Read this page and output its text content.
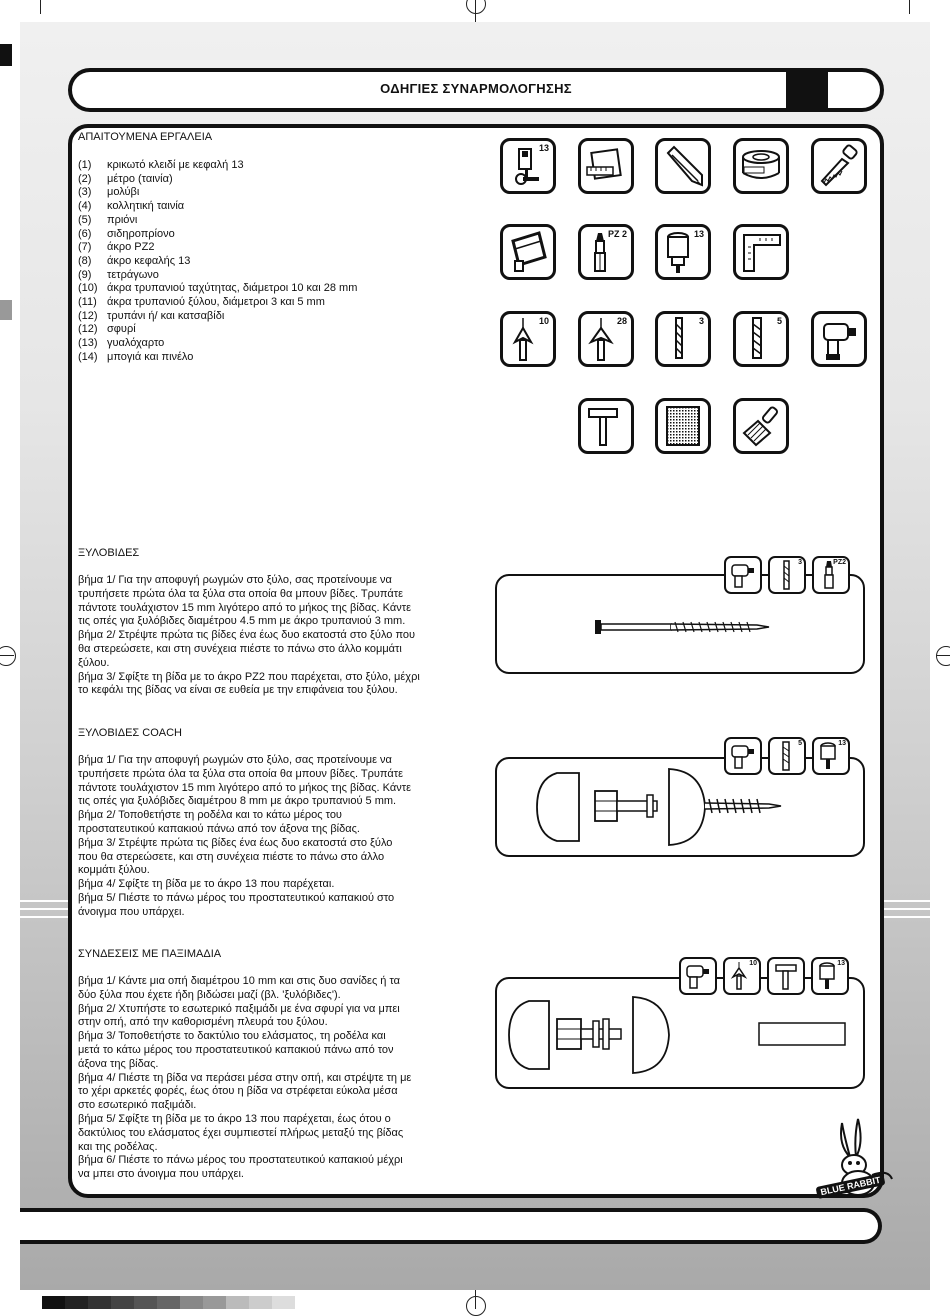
ΟΔΗΓΙΕΣ ΣΥΝΑΡΜΟΛΟΓΗΣΗΣ
ΑΠΑΙΤΟΥΜΕΝΑ ΕΡΓΑΛΕΙΑ
(1)	κρικωτό κλειδί με κεφαλή 13
(2)	μέτρο (ταινία)
(3)	μολύβι
(4)	κολλητική ταινία
(5)	πριόνι
(6)	σιδηροπρίονο
(7)	άκρο PZ2
(8)	άκρο κεφαλής 13
(9)	τετράγωνο
(10) άκρα τρυπανιού ταχύτητας, διάμετροι 10 και 28 mm
(11) άκρα τρυπανιού ξύλου, διάμετροι 3 και 5 mm
(12) τρυπάνι ή/ και κατσαβίδι
(12) σφυρί
(13) γυαλόχαρτο
(14) μπογιά και πινέλο
13
PZ 2	13
10	28	3	5
ΞΥΛΟΒΙΔΕΣ
βήμα 1/ Για την αποφυγή ρωγμών στο ξύλο, σας προτείνουμε να
τρυπήσετε πρώτα όλα τα ξύλα στα οποία θα μπουν βίδες. Τρυπάτε
πάντοτε τουλάχιστον 15 mm λιγότερο από το μήκος της βίδας. Κάντε
τις οπές για ξυλόβιδες διαμέτρου 4.5 mm με άκρο τρυπανιού 3 mm.
βήμα 2/ Στρέψτε πρώτα τις βίδες ένα έως δυο εκατοστά στο ξύλο που
θα στερεώσετε, και στη συνέχεια πιέστε το πάνω στο άλλο κομμάτι
ξύλου.
βήμα 3/ Σφίξτε τη βίδα με το άκρο PZ2 που παρέχεται, στο ξύλο, μέχρι
το κεφάλι της βίδας να είναι σε ευθεία με την επιφάνεια του ξύλου.
3	PZ2
ΞΥΛΟΒΙΔΕΣ COACH
βήμα 1/ Για την αποφυγή ρωγμών στο ξύλο, σας προτείνουμε να
τρυπήσετε πρώτα όλα τα ξύλα στα οποία θα μπουν βίδες. Τρυπάτε
πάντοτε τουλάχιστον 15 mm λιγότερο από το μήκος της βίδας. Κάντε
τις οπές για ξυλόβιδες διαμέτρου 8 mm με άκρο τρυπανιού 5 mm.
βήμα 2/ Τοποθετήστε τη ροδέλα και το κάτω μέρος του
προστατευτικού καπακιού πάνω από τον άξονα της βίδας.
βήμα 3/ Στρέψτε πρώτα τις βίδες ένα έως δυο εκατοστά στο ξύλο
που θα στερεώσετε, και στη συνέχεια πιέστε το πάνω στο άλλο
κομμάτι ξύλου.
βήμα 4/ Σφίξτε τη βίδα με το άκρο 13 που παρέχεται.
βήμα 5/ Πιέστε το πάνω μέρος του προστατευτικού καπακιού στο
άνοιγμα που υπάρχει.
5	13
ΣΥΝΔΕΣΕΙΣ ΜΕ ΠΑΞΙΜΑΔΙΑ
βήμα 1/ Κάντε μια οπή διαμέτρου 10 mm και στις δυο σανίδες ή τα
δύο ξύλα που έχετε ήδη βιδώσει μαζί (βλ. 'ξυλόβιδες').
βήμα 2/ Χτυπήστε το εσωτερικό παξιμάδι με ένα σφυρί για να μπει
στην οπή, από την καθορισμένη πλευρά του ξύλου.
βήμα 3/ Τοποθετήστε το δακτύλιο του ελάσματος, τη ροδέλα και
μετά το κάτω μέρος του προστατευτικού καπακιού πάνω από τον
άξονα της βίδας.
βήμα 4/ Πιέστε τη βίδα να περάσει μέσα στην οπή, και στρέψτε τη με
το χέρι αρκετές φορές, έως ότου η βίδα να στρέφεται εύκολα μέσα
στο εσωτερικό παξιμάδι.
βήμα 5/ Σφίξτε τη βίδα με το άκρο 13 που παρέχεται, έως ότου ο
δακτύλιος του ελάσματος έχει συμπιεστεί πλήρως μεταξύ της βίδας
και της ροδέλας.
βήμα 6/ Πιέστε το πάνω μέρος του προστατευτικού καπακιού μέχρι
να μπει στο άνοιγμα που υπάρχει.
10	13
BLUE RABBIT
